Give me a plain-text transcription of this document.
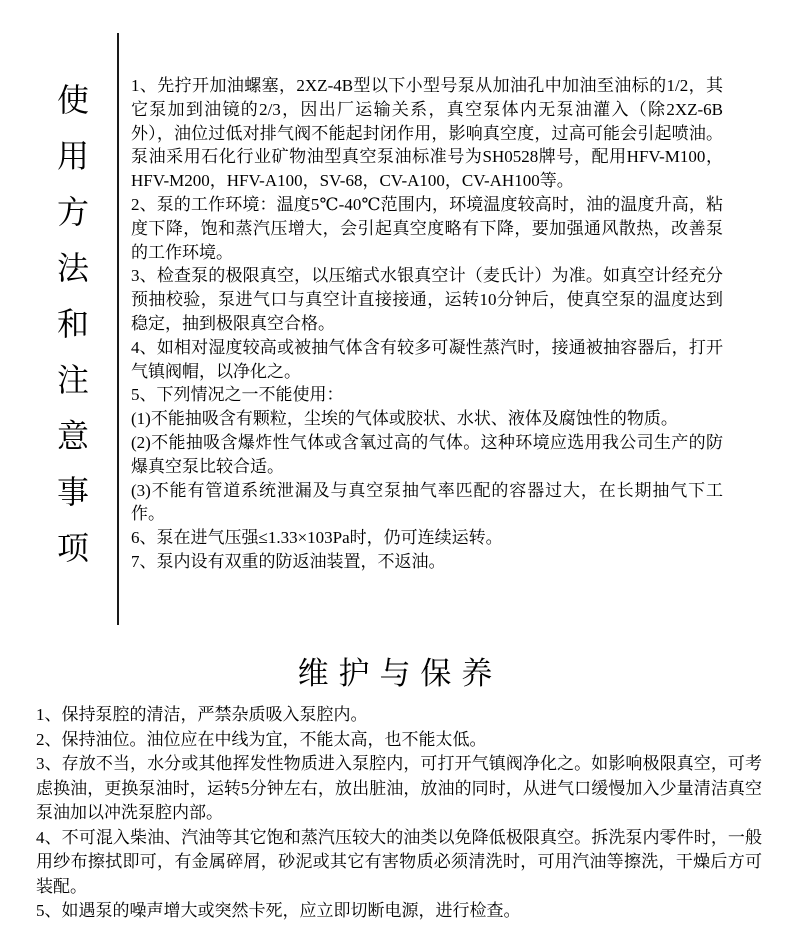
使
用
方
法
和
注
意
事
项

1、先拧开加油螺塞，2XZ-4B型以下小型号泵从加油孔中加油至油标的1/2，其它泵加到油镜的2/3，因出厂运输关系，真空泵体内无泵油灌入（除2XZ-6B外），油位过低对排气阀不能起封闭作用，影响真空度，过高可能会引起喷油。泵油采用石化行业矿物油型真空泵油标准号为SH0528牌号，配用HFV-M100，HFV-M200，HFV-A100，SV-68，CV-A100，CV-AH100等。

2、泵的工作环境：温度5℃-40℃范围内，环境温度较高时，油的温度升高，粘度下降，饱和蒸汽压增大，会引起真空度略有下降，要加强通风散热，改善泵的工作环境。

3、检查泵的极限真空，以压缩式水银真空计（麦氏计）为准。如真空计经充分预抽校验，泵进气口与真空计直接接通，运转10分钟后，使真空泵的温度达到稳定，抽到极限真空合格。

4、如相对湿度较高或被抽气体含有较多可凝性蒸汽时，接通被抽容器后，打开气镇阀帽，以净化之。

5、下列情况之一不能使用：

(1)不能抽吸含有颗粒，尘埃的气体或胶状、水状、液体及腐蚀性的物质。

(2)不能抽吸含爆炸性气体或含氧过高的气体。这种环境应选用我公司生产的防爆真空泵比较合适。

(3)不能有管道系统泄漏及与真空泵抽气率匹配的容器过大，在长期抽气下工作。

6、泵在进气压强≤1.33×103Pa时，仍可连续运转。

7、泵内设有双重的防返油装置，不返油。

维护与保养

1、保持泵腔的清洁，严禁杂质吸入泵腔内。

2、保持油位。油位应在中线为宜，不能太高，也不能太低。

3、存放不当，水分或其他挥发性物质进入泵腔内，可打开气镇阀净化之。如影响极限真空，可考虑换油，更换泵油时，运转5分钟左右，放出脏油，放油的同时，从进气口缓慢加入少量清洁真空泵油加以冲洗泵腔内部。

4、不可混入柴油、汽油等其它饱和蒸汽压较大的油类以免降低极限真空。拆洗泵内零件时，一般用纱布擦拭即可，有金属碎屑，砂泥或其它有害物质必须清洗时，可用汽油等擦洗，干燥后方可装配。

5、如遇泵的噪声增大或突然卡死，应立即切断电源，进行检查。
